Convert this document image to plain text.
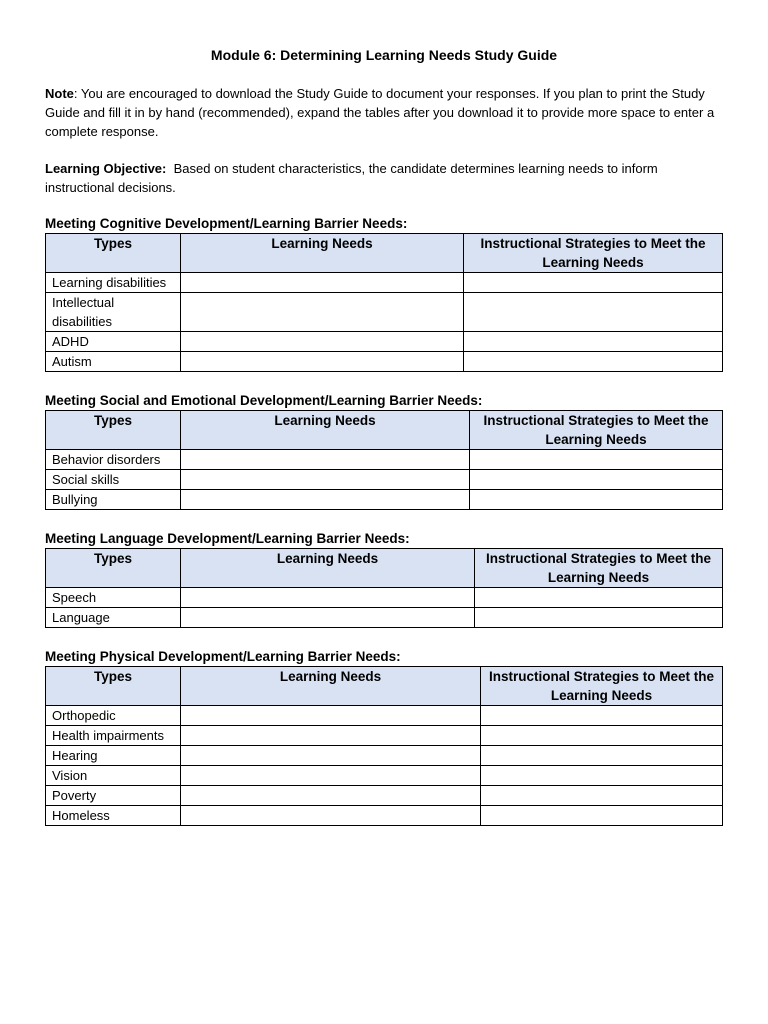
Module 6: Determining Learning Needs Study Guide

Note: You are encouraged to download the Study Guide to document your responses. If you plan to print the Study Guide and fill it in by hand (recommended), expand the tables after you download it to provide more space to enter a complete response.

Learning Objective:  Based on student characteristics, the candidate determines learning needs to inform instructional decisions.

Meeting Cognitive Development/Learning Barrier Needs:
Types	Learning Needs	Instructional Strategies to Meet the Learning Needs
Learning disabilities		
Intellectual disabilities		
ADHD		
Autism		
Meeting Social and Emotional Development/Learning Barrier Needs:
Types	Learning Needs	Instructional Strategies to Meet the Learning Needs
Behavior disorders		
Social skills		
Bullying		
Meeting Language Development/Learning Barrier Needs:
Types	Learning Needs	Instructional Strategies to Meet the Learning Needs
Speech		
Language		
Meeting Physical Development/Learning Barrier Needs:
Types	Learning Needs	Instructional Strategies to Meet the Learning Needs
Orthopedic		
Health impairments		
Hearing		
Vision		
Poverty		
Homeless		
